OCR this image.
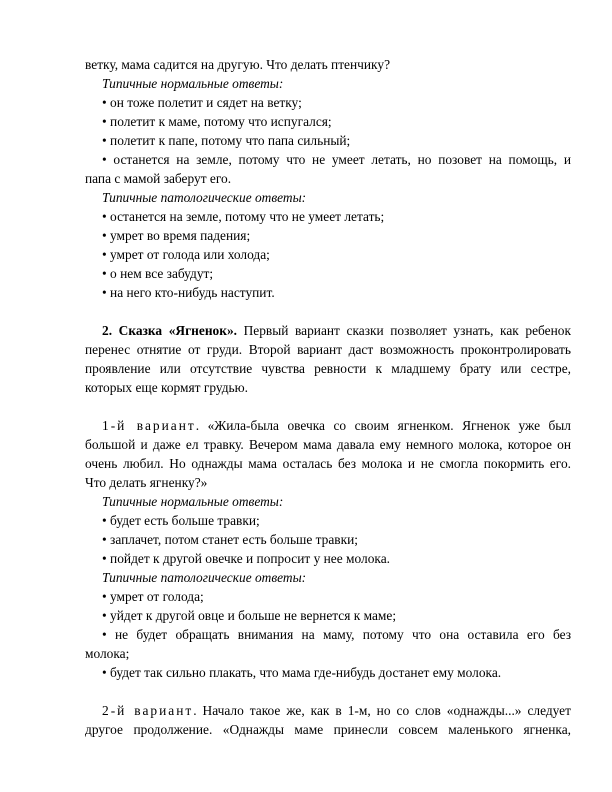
ветку, мама садится на другую. Что делать птенчику?
Типичные нормальные ответы:
• он тоже полетит и сядет на ветку;
• полетит к маме, потому что испугался;
• полетит к папе, потому что папа сильный;
• останется на земле, потому что не умеет летать, но позовет на помощь, и
папа с мамой заберут его.
Типичные патологические ответы:
• останется на земле, потому что не умеет летать;
• умрет во время падения;
• умрет от голода или холода;
• о нем все забудут;
• на него кто-нибудь наступит.
2. Сказка «Ягненок». Первый вариант сказки позволяет узнать, как ребенок
перенес отнятие от груди. Второй вариант даст возможность проконтролировать
проявление или отсутствие чувства ревности к младшему брату или сестре,
которых еще кормят грудью.
1-й вариант. «Жила-была овечка со своим ягненком. Ягненок уже был
большой и даже ел травку. Вечером мама давала ему немного молока, которое он
очень любил. Но однажды мама осталась без молока и не смогла покормить его.
Что делать ягненку?»
Типичные нормальные ответы:
• будет есть больше травки;
• заплачет, потом станет есть больше травки;
• пойдет к другой овечке и попросит у нее молока.
Типичные патологические ответы:
• умрет от голода;
• уйдет к другой овце и больше не вернется к маме;
• не будет обращать внимания на маму, потому что она оставила его без
молока;
• будет так сильно плакать, что мама где-нибудь достанет ему молока.
2-й вариант. Начало такое же, как в 1-м, но со слов «однажды...» следует
другое продолжение. «Однажды маме принесли совсем маленького ягненка,
